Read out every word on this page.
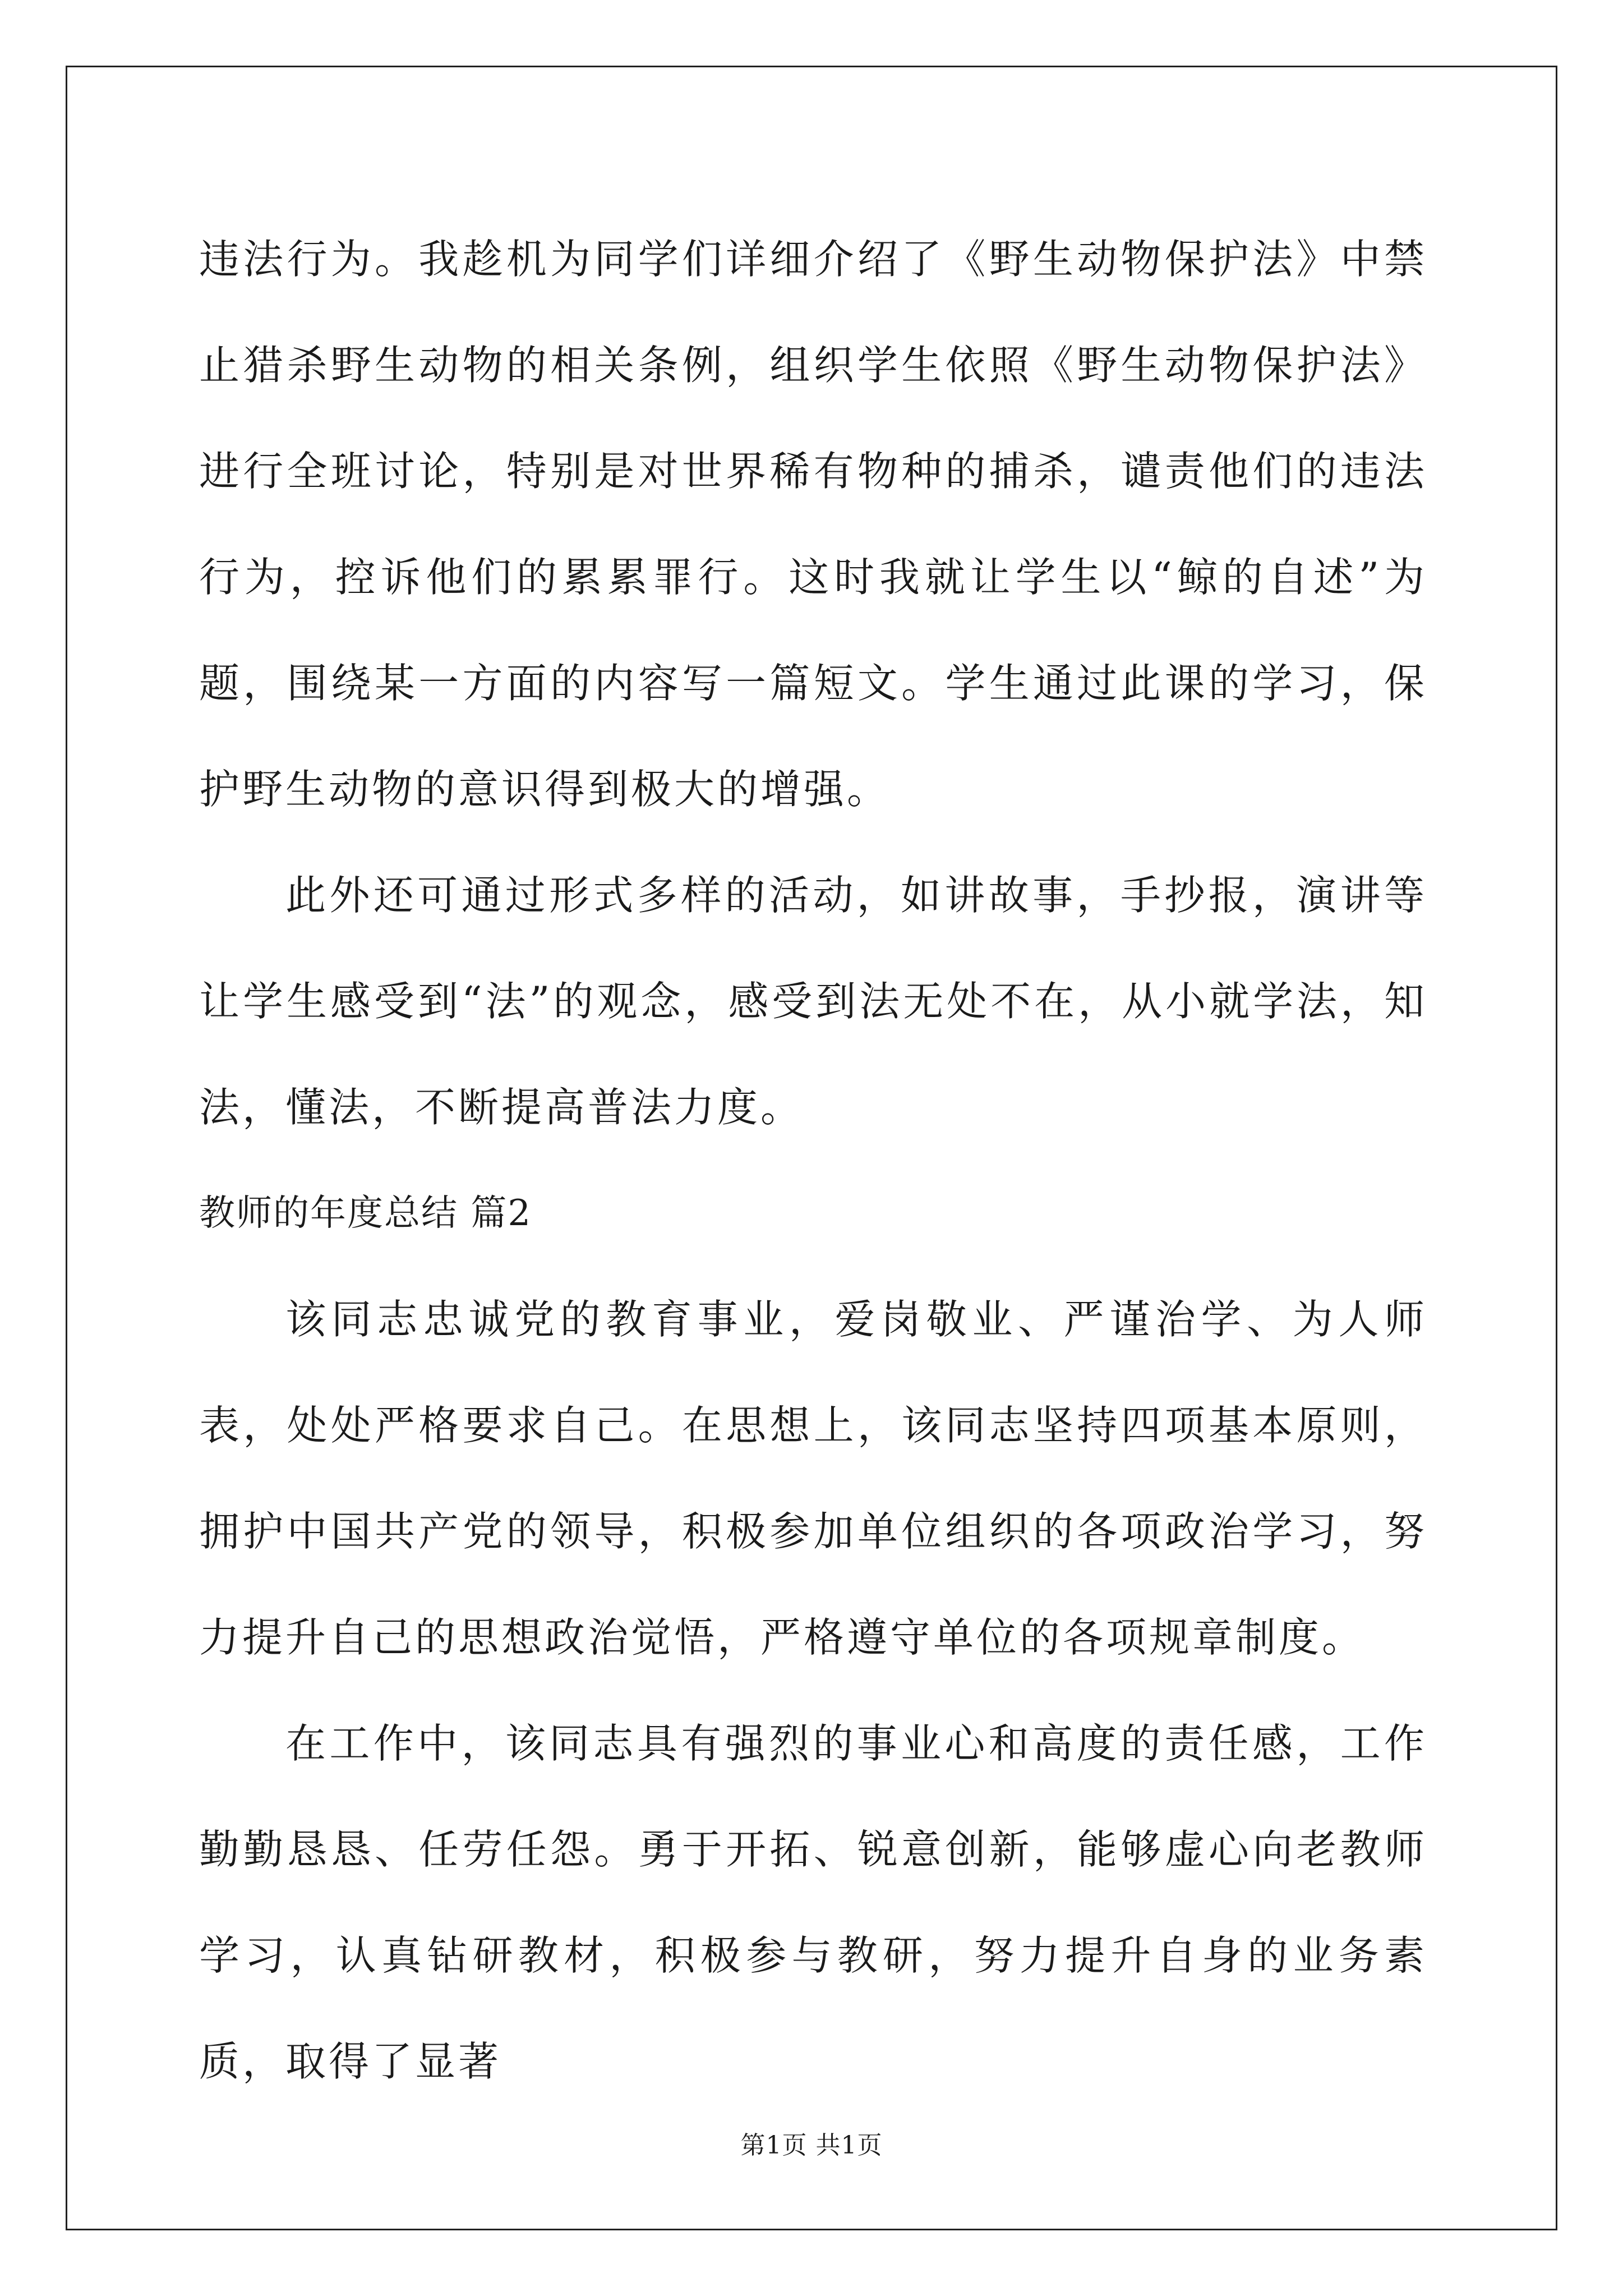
违法行为。我趁机为同学们详细介绍了《野生动物保护法》中禁止猎杀野生动物的相关条例，组织学生依照《野生动物保护法》进行全班讨论，特别是对世界稀有物种的捕杀，谴责他们的违法行为，控诉他们的累累罪行。这时我就让学生以“鲸的自述”为题，围绕某一方面的内容写一篇短文。学生通过此课的学习，保护野生动物的意识得到极大的增强。

此外还可通过形式多样的活动，如讲故事，手抄报，演讲等让学生感受到“法”的观念，感受到法无处不在，从小就学法，知法，懂法，不断提高普法力度。

教师的年度总结 篇2

该同志忠诚党的教育事业，爱岗敬业、严谨治学、为人师表，处处严格要求自己。在思想上，该同志坚持四项基本原则，拥护中国共产党的领导，积极参加单位组织的各项政治学习，努力提升自己的思想政治觉悟，严格遵守单位的各项规章制度。

在工作中，该同志具有强烈的事业心和高度的责任感，工作勤勤恳恳、任劳任怨。勇于开拓、锐意创新，能够虚心向老教师学习，认真钻研教材，积极参与教研，努力提升自身的业务素质，取得了显著

第1页 共1页
